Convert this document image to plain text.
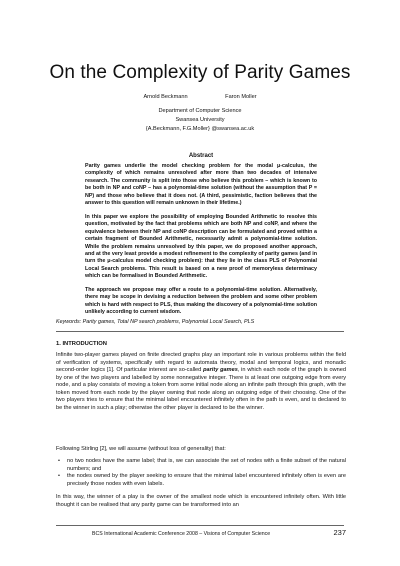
On the Complexity of Parity Games
Arnold Beckmann	Faron Moller
Department of Computer Science
Swansea University
{A.Beckmann, F.G.Moller} @swansea.ac.uk
Abstract

Parity games underlie the model checking problem for the modal μ-calculus, the complexity of which remains unresolved after more than two decades of intensive research. The community is split into those who believe this problem – which is known to be both in NP and coNP – has a polynomial-time solution (without the assumption that P = NP) and those who believe that it does not. (A third, pessimistic, faction believes that the answer to this question will remain unknown in their lifetime.)

In this paper we explore the possibility of employing Bounded Arithmetic to resolve this question, motivated by the fact that problems which are both NP and coNP, and where the equivalence between their NP and coNP description can be formulated and proved within a certain fragment of Bounded Arithmetic, necessarily admit a polynomial-time solution. While the problem remains unresolved by this paper, we do proposed another approach, and at the very least provide a modest refinement to the complexity of parity games (and in turn the μ-calculus model checking problem): that they lie in the class PLS of Polynomial Local Search problems. This result is based on a new proof of memoryless determinacy which can be formalised in Bounded Arithmetic.

The approach we propose may offer a route to a polynomial-time solution. Alternatively, there may be scope in devising a reduction between the problem and some other problem which is hard with respect to PLS, thus making the discovery of a polynomial-time solution unlikely according to current wisdom.

Keywords: Parity games, Total NP search problems, Polynomial Local Search, PLS
1. INTRODUCTION

Infinite two-player games played on finite directed graphs play an important role in various problems within the field of verification of systems, specifically with regard to automata theory, modal and temporal logics, and monadic second-order logics [1]. Of particular interest are so-called parity games, in which each node of the graph is owned by one of the two players and labelled by some nonnegative integer. There is at least one outgoing edge from every node, and a play consists of moving a token from some initial node along an infinite path through this graph, with the token moved from each node by the player owning that node along an outgoing edge of their choosing. One of the two players tries to ensure that the minimal label encountered infinitely often in the path is even, and is declared to be the winner in such a play; otherwise the other player is declared to be the winner.

Following Stirling [2], we will assume (without loss of generality) that:

• no two nodes have the same label; that is, we can associate the set of nodes with a finite subset of the natural numbers; and
• the nodes owned by the player seeking to ensure that the minimal label encountered infinitely often is even are precisely those nodes with even labels.

In this way, the winner of a play is the owner of the smallest node which is encountered infinitely often. With little thought it can be realised that any parity game can be transformed into an

BCS International Academic Conference 2008 – Visions of Computer Science	237
